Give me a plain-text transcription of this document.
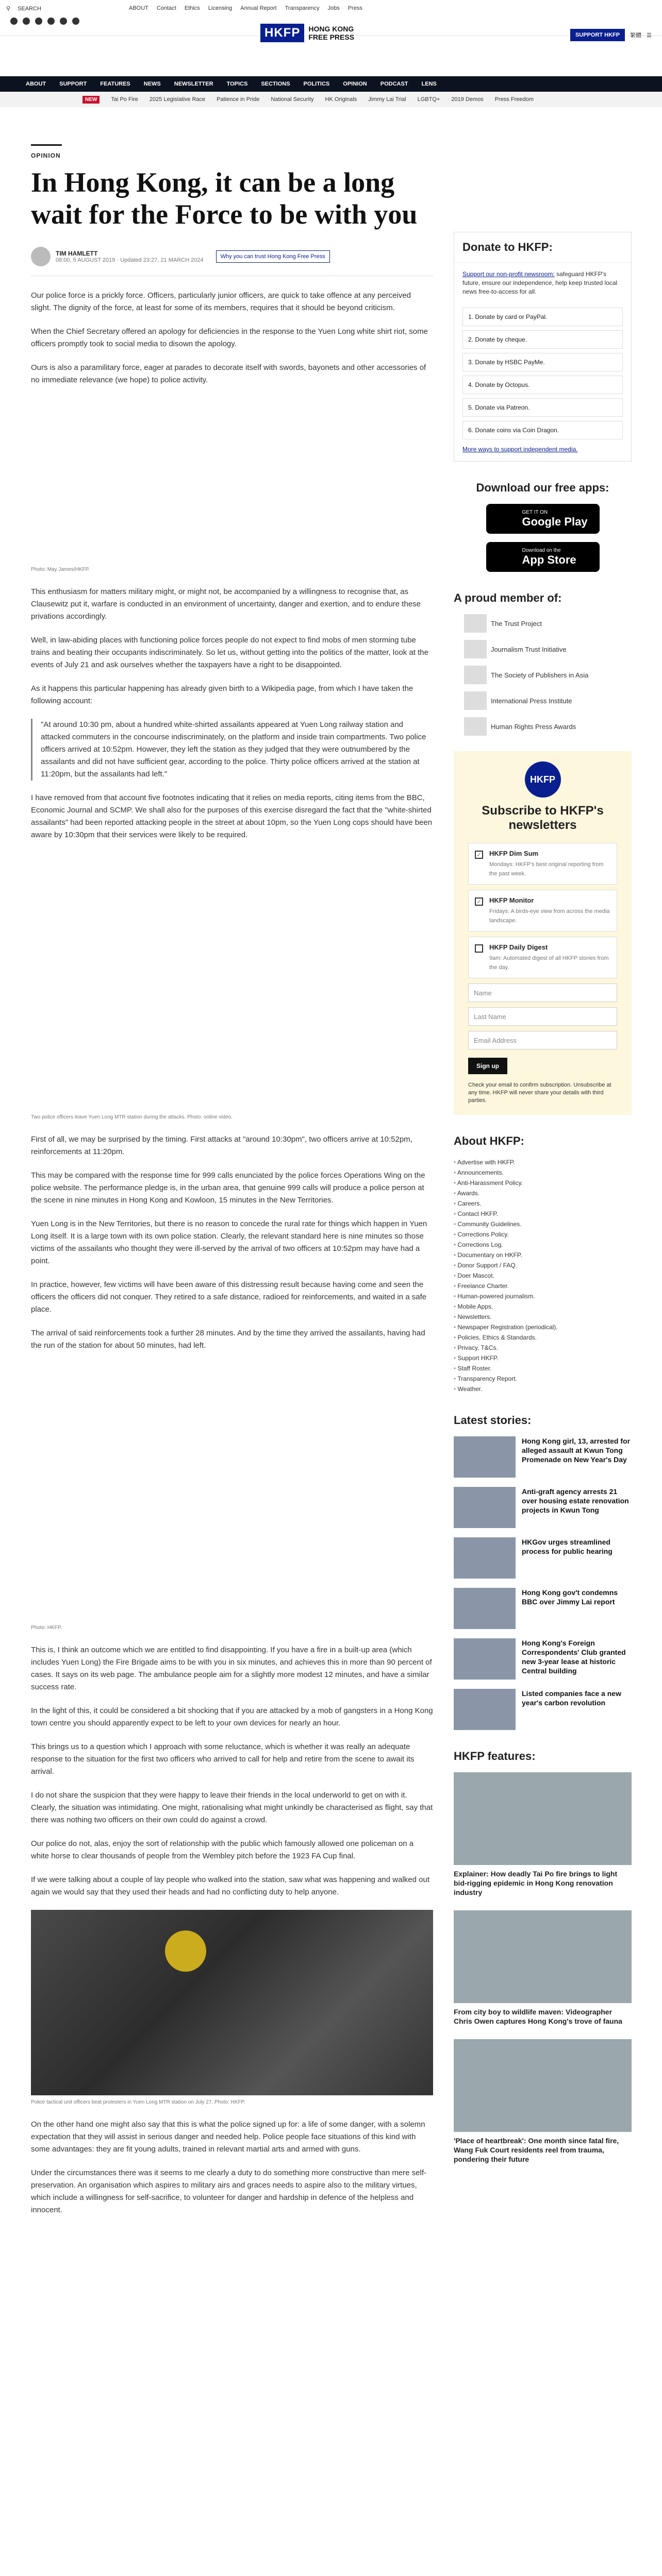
⚲ SEARCH	ABOUT Contact Ethics Licensing Annual Report Transparency Jobs Press
HKFP	HONG KONG
FREE PRESS	SUPPORT HKFP	繁體 ☰
ABOUT SUPPORT FEATURES NEWS NEWSLETTER TOPICS SECTIONS POLITICS OPINION PODCAST LENS
NEW	Tai Po Fire 2025 Legislative Race Patience in Pride National Security HK Originals Jimmy Lai Trial LGBTQ+ 2019 Demos Press Freedom
OPINION
In Hong Kong, it can be a long wait for the Force to be with you
TIM HAMLETT
08:00, 5 AUGUST 2019 · Updated 23:27, 21 MARCH 2024
Why you can trust Hong Kong Free Press

Our police force is a prickly force. Officers, particularly junior officers, are quick to take offence at any perceived slight. The dignity of the force, at least for some of its members, requires that it should be beyond criticism.

When the Chief Secretary offered an apology for deficiencies in the response to the Yuen Long white shirt riot, some officers promptly took to social media to disown the apology.

Ours is also a paramilitary force, eager at parades to decorate itself with swords, bayonets and other accessories of no immediate relevance (we hope) to police activity.

Photo: May James/HKFP.

This enthusiasm for matters military might, or might not, be accompanied by a willingness to recognise that, as Clausewitz put it, warfare is conducted in an environment of uncertainty, danger and exertion, and to endure these privations accordingly.

Well, in law-abiding places with functioning police forces people do not expect to find mobs of men storming tube trains and beating their occupants indiscriminately. So let us, without getting into the politics of the matter, look at the events of July 21 and ask ourselves whether the taxpayers have a right to be disappointed.

As it happens this particular happening has already given birth to a Wikipedia page, from which I have taken the following account:

"At around 10:30 pm, about a hundred white-shirted assailants appeared at Yuen Long railway station and attacked commuters in the concourse indiscriminately, on the platform and inside train compartments. Two police officers arrived at 10:52pm. However, they left the station as they judged that they were outnumbered by the assailants and did not have sufficient gear, according to the police. Thirty police officers arrived at the station at 11:20pm, but the assailants had left."

I have removed from that account five footnotes indicating that it relies on media reports, citing items from the BBC, Economic Journal and SCMP. We shall also for the purposes of this exercise disregard the fact that the "white-shirted assailants" had been reported attacking people in the street at about 10pm, so the Yuen Long cops should have been aware by 10:30pm that their services were likely to be required.

Two police officers leave Yuen Long MTR station during the attacks. Photo: online video.

First of all, we may be surprised by the timing. First attacks at "around 10:30pm", two officers arrive at 10:52pm, reinforcements at 11:20pm.

This may be compared with the response time for 999 calls enunciated by the police forces Operations Wing on the police website. The performance pledge is, in the urban area, that genuine 999 calls will produce a police person at the scene in nine minutes in Hong Kong and Kowloon, 15 minutes in the New Territories.

Yuen Long is in the New Territories, but there is no reason to concede the rural rate for things which happen in Yuen Long itself. It is a large town with its own police station. Clearly, the relevant standard here is nine minutes so those victims of the assailants who thought they were ill-served by the arrival of two officers at 10:52pm may have had a point.

In practice, however, few victims will have been aware of this distressing result because having come and seen the officers the officers did not conquer. They retired to a safe distance, radioed for reinforcements, and waited in a safe place.

The arrival of said reinforcements took a further 28 minutes. And by the time they arrived the assailants, having had the run of the station for about 50 minutes, had left.

Photo: HKFP.

This is, I think an outcome which we are entitled to find disappointing. If you have a fire in a built-up area (which includes Yuen Long) the Fire Brigade aims to be with you in six minutes, and achieves this in more than 90 percent of cases. It says on its web page. The ambulance people aim for a slightly more modest 12 minutes, and have a similar success rate.

In the light of this, it could be considered a bit shocking that if you are attacked by a mob of gangsters in a Hong Kong town centre you should apparently expect to be left to your own devices for nearly an hour.

This brings us to a question which I approach with some reluctance, which is whether it was really an adequate response to the situation for the first two officers who arrived to call for help and retire from the scene to await its arrival.

I do not share the suspicion that they were happy to leave their friends in the local underworld to get on with it. Clearly, the situation was intimidating. One might, rationalising what might unkindly be characterised as flight, say that there was nothing two officers on their own could do against a crowd.

Our police do not, alas, enjoy the sort of relationship with the public which famously allowed one policeman on a white horse to clear thousands of people from the Wembley pitch before the 1923 FA Cup final.

If we were talking about a couple of lay people who walked into the station, saw what was happening and walked out again we would say that they used their heads and had no conflicting duty to help anyone.

Police tactical unit officers beat protesters in Yuen Long MTR station on July 27. Photo: HKFP.

On the other hand one might also say that this is what the police signed up for: a life of some danger, with a solemn expectation that they will assist in serious danger and needed help. Police people face situations of this kind with some advantages: they are fit young adults, trained in relevant martial arts and armed with guns.

Under the circumstances there was it seems to me clearly a duty to do something more constructive than mere self-preservation. An organisation which aspires to military airs and graces needs to aspire also to the military virtues, which include a willingness for self-sacrifice, to volunteer for danger and hardship in defence of the helpless and innocent.

Donate to HKFP:
Support our non-profit newsroom: safeguard HKFP's future, ensure our independence, help keep trusted local news free-to-access for all.
1. Donate by card or PayPal.
2. Donate by cheque.
3. Donate by HSBC PayMe.
4. Donate by Octopus.
5. Donate via Patreon.
6. Donate coins via Coin Dragon.
More ways to support independent media.
Download our free apps:
GET IT ON
Google Play
Download on the
App Store
A proud member of:
The Trust Project
Journalism Trust Initiative
The Society of Publishers in Asia
International Press Institute
Human Rights Press Awards
HKFP
Subscribe to HKFP's newsletters
✓ HKFP Dim Sum
Mondays: HKFP's best original reporting from the past week.
✓ HKFP Monitor
Fridays: A birds-eye view from across the media landscape.
HKFP Daily Digest
9am: Automated digest of all HKFP stories from the day.
Name
Last Name
Email Address
Sign up

Check your email to confirm subscription. Unsubscribe at any time. HKFP will never share your details with third parties.

About HKFP:
• Advertise with HKFP.
• Announcements.
• Anti-Harassment Policy.
• Awards.
• Careers.
• Contact HKFP.
• Community Guidelines.
• Corrections Policy.
• Corrections Log.
• Documentary on HKFP.
• Donor Support / FAQ.
• Doer Mascot.
• Freelance Charter.
• Human-powered journalism.
• Mobile Apps.
• Newsletters.
• Newspaper Registration (periodical).
• Policies, Ethics & Standards.
• Privacy, T&Cs.
• Support HKFP.
• Staff Roster.
• Transparency Report.
• Weather.
Latest stories:
Hong Kong girl, 13, arrested for alleged assault at Kwun Tong Promenade on New Year's Day
Anti-graft agency arrests 21 over housing estate renovation projects in Kwun Tong
HKGov urges streamlined process for public hearing
Hong Kong gov't condemns BBC over Jimmy Lai report
Hong Kong's Foreign Correspondents' Club granted new 3-year lease at historic Central building
Listed companies face a new year's carbon revolution
HKFP features:
Explainer: How deadly Tai Po fire brings to light bid-rigging epidemic in Hong Kong renovation industry
From city boy to wildlife maven: Videographer Chris Owen captures Hong Kong's trove of fauna
'Place of heartbreak': One month since fatal fire, Wang Fuk Court residents reel from trauma, pondering their future
